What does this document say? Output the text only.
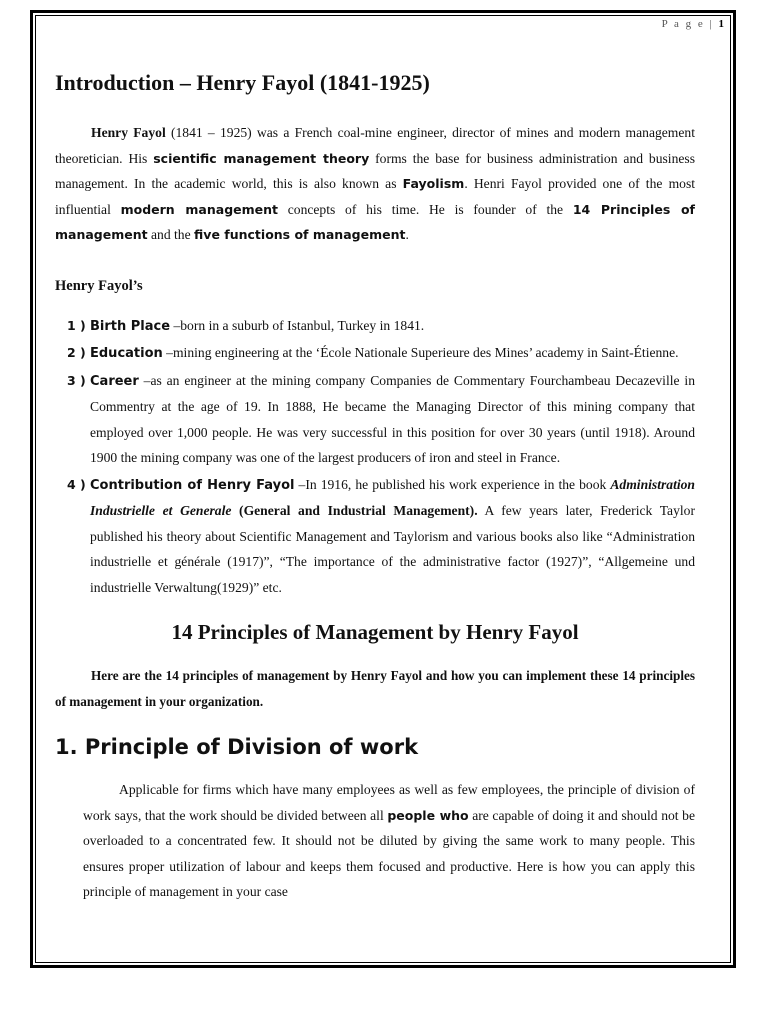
P a g e | 1
Introduction – Henry Fayol (1841-1925)

Henry Fayol (1841 – 1925) was a French coal-mine engineer, director of mines and modern management theoretician. His scientific management theory forms the base for business administration and business management. In the academic world, this is also known as Fayolism. Henri Fayol provided one of the most influential modern management concepts of his time. He is founder of the 14 Principles of management and the five functions of management.

Henry Fayol’s
1 ) Birth Place –born in a suburb of Istanbul, Turkey in 1841.
2 ) Education –mining engineering at the ‘École Nationale Superieure des Mines’ academy in Saint-Étienne.
3 ) Career –as an engineer at the mining company Companies de Commentary Fourchambeau Decazeville in Commentry at the age of 19. In 1888, He became the Managing Director of this mining company that employed over 1,000 people. He was very successful in this position for over 30 years (until 1918). Around 1900 the mining company was one of the largest producers of iron and steel in France.
4 ) Contribution of Henry Fayol –In 1916, he published his work experience in the book Administration Industrielle et Generale (General and Industrial Management). A few years later, Frederick Taylor published his theory about Scientific Management and Taylorism and various books also like “Administration industrielle et générale (1917)”, “The importance of the administrative factor (1927)”, “Allgemeine und industrielle Verwaltung(1929)” etc.
14 Principles of Management by Henry Fayol

Here are the 14 principles of management by Henry Fayol and how you can implement these 14 principles of management in your organization.

1. Principle of Division of work

Applicable for firms which have many employees as well as few employees, the principle of division of work says, that the work should be divided between all people who are capable of doing it and should not be overloaded to a concentrated few. It should not be diluted by giving the same work to many people. This ensures proper utilization of labour and keeps them focused and productive. Here is how you can apply this principle of management in your case
